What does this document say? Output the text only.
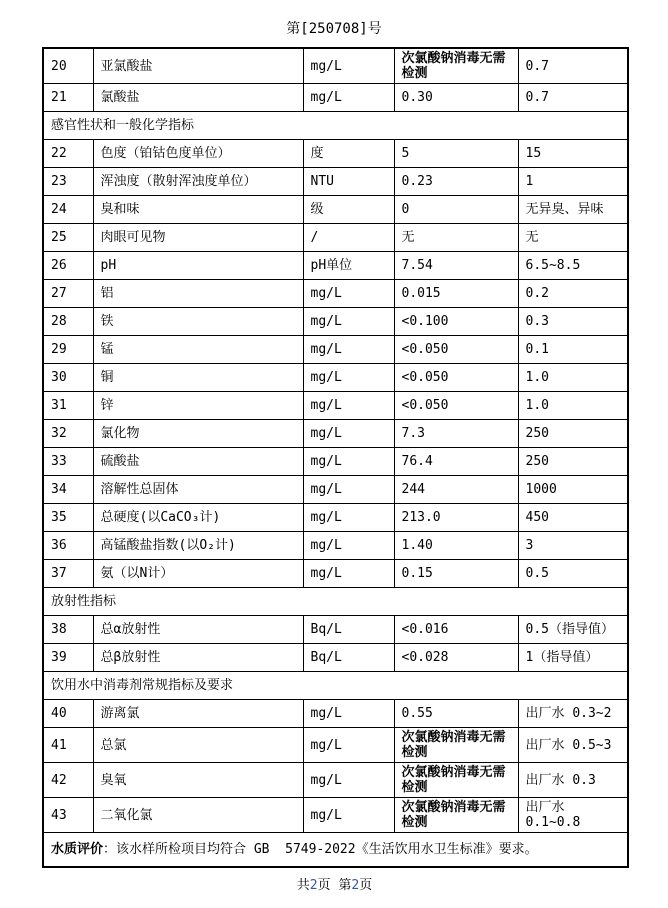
第[250708]号
20	亚氯酸盐	mg/L	次氯酸钠消毒无需检测	0.7
21	氯酸盐	mg/L	0.30	0.7
感官性状和一般化学指标				
22	色度（铂钴色度单位）	度	5	15
23	浑浊度（散射浑浊度单位）	NTU	0.23	1
24	臭和味	级	0	无异臭、异味
25	肉眼可见物	/	无	无
26	pH	pH单位	7.54	6.5~8.5
27	铝	mg/L	0.015	0.2
28	铁	mg/L	<0.100	0.3
29	锰	mg/L	<0.050	0.1
30	铜	mg/L	<0.050	1.0
31	锌	mg/L	<0.050	1.0
32	氯化物	mg/L	7.3	250
33	硫酸盐	mg/L	76.4	250
34	溶解性总固体	mg/L	244	1000
35	总硬度(以CaCO₃计)	mg/L	213.0	450
36	高锰酸盐指数(以O₂计)	mg/L	1.40	3
37	氨（以N计）	mg/L	0.15	0.5
放射性指标				
38	总α放射性	Bq/L	<0.016	0.5（指导值）
39	总β放射性	Bq/L	<0.028	1（指导值）
饮用水中消毒剂常规指标及要求				
40	游离氯	mg/L	0.55	出厂水 0.3~2
41	总氯	mg/L	次氯酸钠消毒无需检测	出厂水 0.5~3
42	臭氧	mg/L	次氯酸钠消毒无需检测	出厂水 0.3
43	二氧化氯	mg/L	次氯酸钠消毒无需检测	出厂水 0.1~0.8
水质评价：该水样所检项目均符合 GB  5749-2022《生活饮用水卫生标准》要求。				
共2页 第2页
